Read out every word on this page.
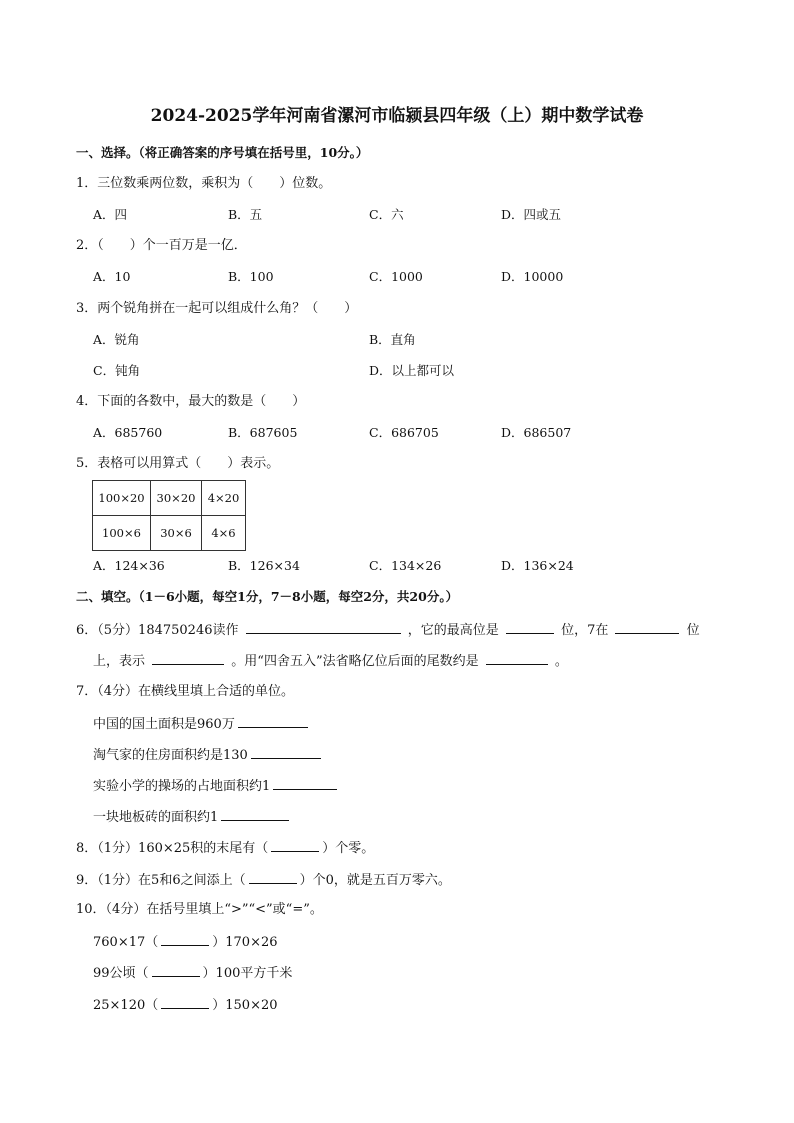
2024-2025学年河南省漯河市临颍县四年级（上）期中数学试卷
一、选择。（将正确答案的序号填在括号里，10分。）
1．三位数乘两位数，乘积为（　　）位数。
A．四	B．五	C．六	D．四或五
2．（　　）个一百万是一亿．
A．10	B．100	C．1000	D．10000
3．两个锐角拼在一起可以组成什么角？（　　）
A．锐角	B．直角
C．钝角	D．以上都可以
4．下面的各数中，最大的数是（　　）
A．685760	B．687605	C．686705	D．686507
5．表格可以用算式（　　）表示。
100×20	30×20	4×20
100×6	30×6	4×6
A．124×36	B．126×34	C．134×26	D．136×24
二、填空。（1－6小题，每空1分，7－8小题，每空2分，共20分。）
6．（5分）184750246读作	，它的最高位是	位，7在	位
上，表示	。用“四舍五入”法省略亿位后面的尾数约是	。
7．（4分）在横线里填上合适的单位。
中国的国土面积是960万
淘气家的住房面积约是130
实验小学的操场的占地面积约1
一块地板砖的面积约1
8．（1分）160×25积的末尾有（	）个零。
9．（1分）在5和6之间添上（	）个0，就是五百万零六。
10．（4分）在括号里填上“>”“<”或“=”。
760×17（	）170×26
99公顷（	）100平方千米
25×120（	）150×20
